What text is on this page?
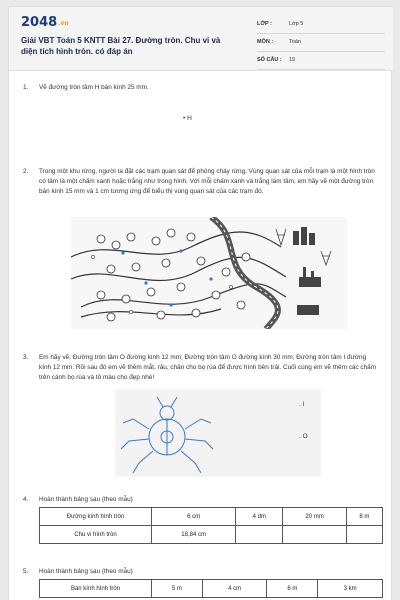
2048.vn
Giải VBT Toán 5 KNTT Bài 27. Đường tròn. Chu vi và diện tích hình tròn. có đáp án
LỚP :	Lớp 5
MÔN :	Toán
SỐ CÂU : 19
1. Vẽ đường tròn tâm H bán kính 25 mm.
• H
2. Trong một khu rừng, người ta đặt các trạm quan sát để phòng cháy rừng. Vùng quan sát của mỗi trạm là một hình tròn có tâm là một chấm xanh hoặc trắng như trong hình. Với mỗi chấm xanh và trắng làm tâm, em hãy vẽ một đường tròn bán kính 15 mm và 1 cm tương ứng để biểu thị vùng quan sát của các trạm đó.
3. Em hãy vẽ: Đường tròn tâm O đường kính 12 mm; Đường tròn tâm O đường kính 30 mm; Đường tròn tâm I đường kính 12 mm. Rồi sau đó em vẽ thêm mắt, râu, chân cho bọ rùa để được hình bên trái. Cuối cùng em vẽ thêm các chấm trên cánh bọ rùa và tô màu cho đẹp nhé!
. I
. O
4. Hoàn thành bảng sau (theo mẫu)
Đường kính hình tròn	6 cm	4 dm	20 mm	8 m
Chu vi hình tròn	18,84 cm			
5. Hoàn thành bảng sau (theo mẫu)
Bán kính hình tròn	5 m	4 cm	6 m	3 km
